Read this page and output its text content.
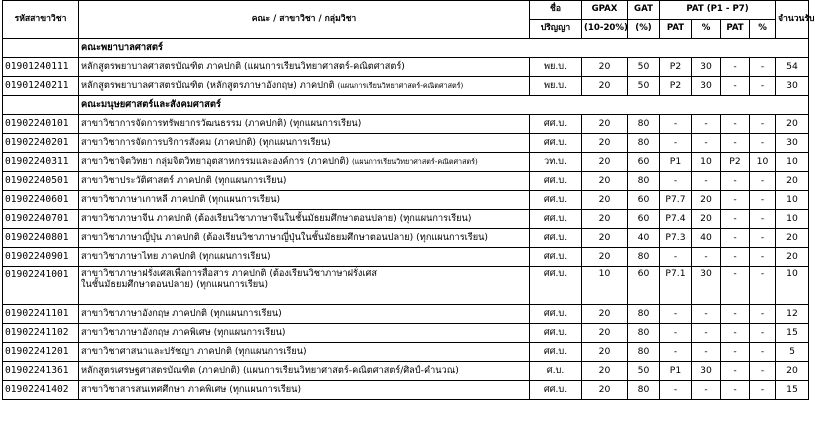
รหัสสาขาวิชา	คณะ / สาขาวิชา / กลุ่มวิชา	ชื่อ	GPAX	GAT	PAT (P1 - P7)				จำนวนรับ
		ปริญญา	(10-20%)	(%)	PAT	%	PAT	%	
	คณะพยาบาลศาสตร์								
01901240111	หลักสูตรพยาบาลศาสตรบัณฑิต ภาคปกติ (แผนการเรียนวิทยาศาสตร์-คณิตศาสตร์)	พย.บ.	20	50	P2	30	-	-	54
01901240211	หลักสูตรพยาบาลศาสตรบัณฑิต (หลักสูตรภาษาอังกฤษ) ภาคปกติ (แผนการเรียนวิทยาศาสตร์-คณิตศาสตร์)	พย.บ.	20	50	P2	30	-	-	30
	คณะมนุษยศาสตร์และสังคมศาสตร์								
01902240101	สาขาวิชาการจัดการทรัพยากรวัฒนธรรม (ภาคปกติ) (ทุกแผนการเรียน)	ศศ.บ.	20	80	-	-	-	-	20
01902240201	สาขาวิชาการจัดการบริการสังคม (ภาคปกติ) (ทุกแผนการเรียน)	ศศ.บ.	20	80	-	-	-	-	30
01902240311	สาขาวิชาจิตวิทยา กลุ่มจิตวิทยาอุตสาหกรรมและองค์การ (ภาคปกติ) (แผนการเรียนวิทยาศาสตร์-คณิตศาสตร์)	วท.บ.	20	60	P1	10	P2	10	10
01902240501	สาขาวิชาประวัติศาสตร์ ภาคปกติ (ทุกแผนการเรียน)	ศศ.บ.	20	80	-	-	-	-	20
01902240601	สาขาวิชาภาษาเกาหลี ภาคปกติ (ทุกแผนการเรียน)	ศศ.บ.	20	60	P7.7	20	-	-	10
01902240701	สาขาวิชาภาษาจีน ภาคปกติ (ต้องเรียนวิชาภาษาจีนในชั้นมัธยมศึกษาตอนปลาย) (ทุกแผนการเรียน)	ศศ.บ.	20	60	P7.4	20	-	-	10
01902240801	สาขาวิชาภาษาญี่ปุ่น ภาคปกติ (ต้องเรียนวิชาภาษาญี่ปุ่นในชั้นมัธยมศึกษาตอนปลาย) (ทุกแผนการเรียน)	ศศ.บ.	20	40	P7.3	40	-	-	20
01902240901	สาขาวิชาภาษาไทย ภาคปกติ (ทุกแผนการเรียน)	ศศ.บ.	20	80	-	-	-	-	20
01902241001	สาขาวิชาภาษาฝรั่งเศสเพื่อการสื่อสาร ภาคปกติ (ต้องเรียนวิชาภาษาฝรั่งเศส
ในชั้นมัธยมศึกษาตอนปลาย) (ทุกแผนการเรียน)	ศศ.บ.	10	60	P7.1	30	-	-	10
01902241101	สาขาวิชาภาษาอังกฤษ ภาคปกติ (ทุกแผนการเรียน)	ศศ.บ.	20	80	-	-	-	-	12
01902241102	สาขาวิชาภาษาอังกฤษ ภาคพิเศษ (ทุกแผนการเรียน)	ศศ.บ.	20	80	-	-	-	-	15
01902241201	สาขาวิชาศาสนาและปรัชญา ภาคปกติ (ทุกแผนการเรียน)	ศศ.บ.	20	80	-	-	-	-	5
01902241361	หลักสูตรเศรษฐศาสตรบัณฑิต (ภาคปกติ) (แผนการเรียนวิทยาศาสตร์-คณิตศาสตร์/ศิลป์-คำนวณ)	ศ.บ.	20	50	P1	30	-	-	20
01902241402	สาขาวิชาสารสนเทศศึกษา ภาคพิเศษ (ทุกแผนการเรียน)	ศศ.บ.	20	80	-	-	-	-	15
